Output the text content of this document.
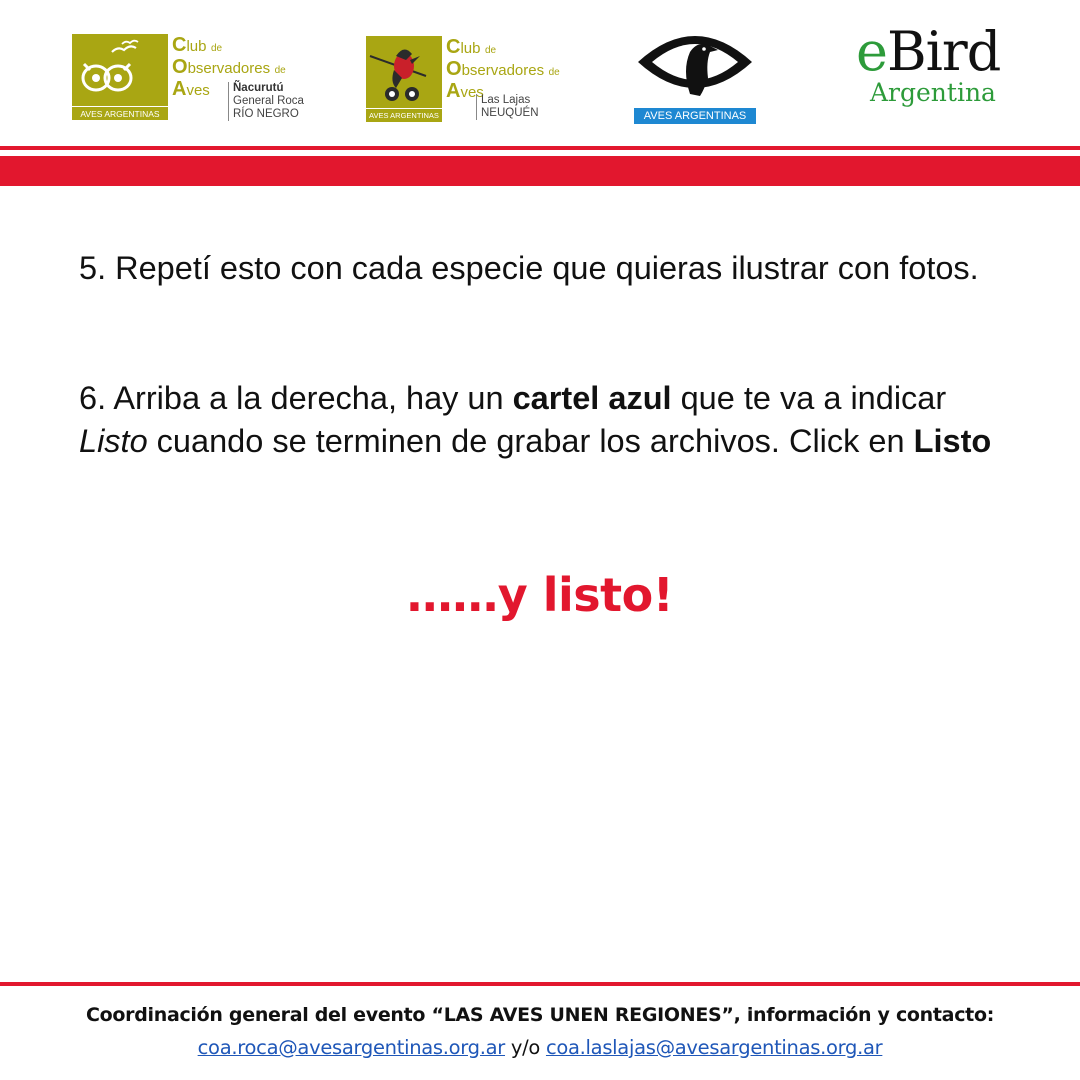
AVES ARGENTINAS
Club de
Observadores de
Aves Ñacurutú
General Roca
RÍO NEGRO	AVES ARGENTINAS
Club de
Observadores de
Aves
Las Lajas
NEUQUÉN	AVES ARGENTINAS
eBird
Argentina
5. Repetí esto con cada especie que quieras ilustrar con fotos.
6. Arriba a la derecha, hay un cartel azul que te va a indicar Listo cuando se terminen de grabar los archivos. Click en Listo
……y listo!
Coordinación general del evento “LAS AVES UNEN REGIONES”, información y contacto:
coa.roca@avesargentinas.org.ar y/o coa.laslajas@avesargentinas.org.ar
